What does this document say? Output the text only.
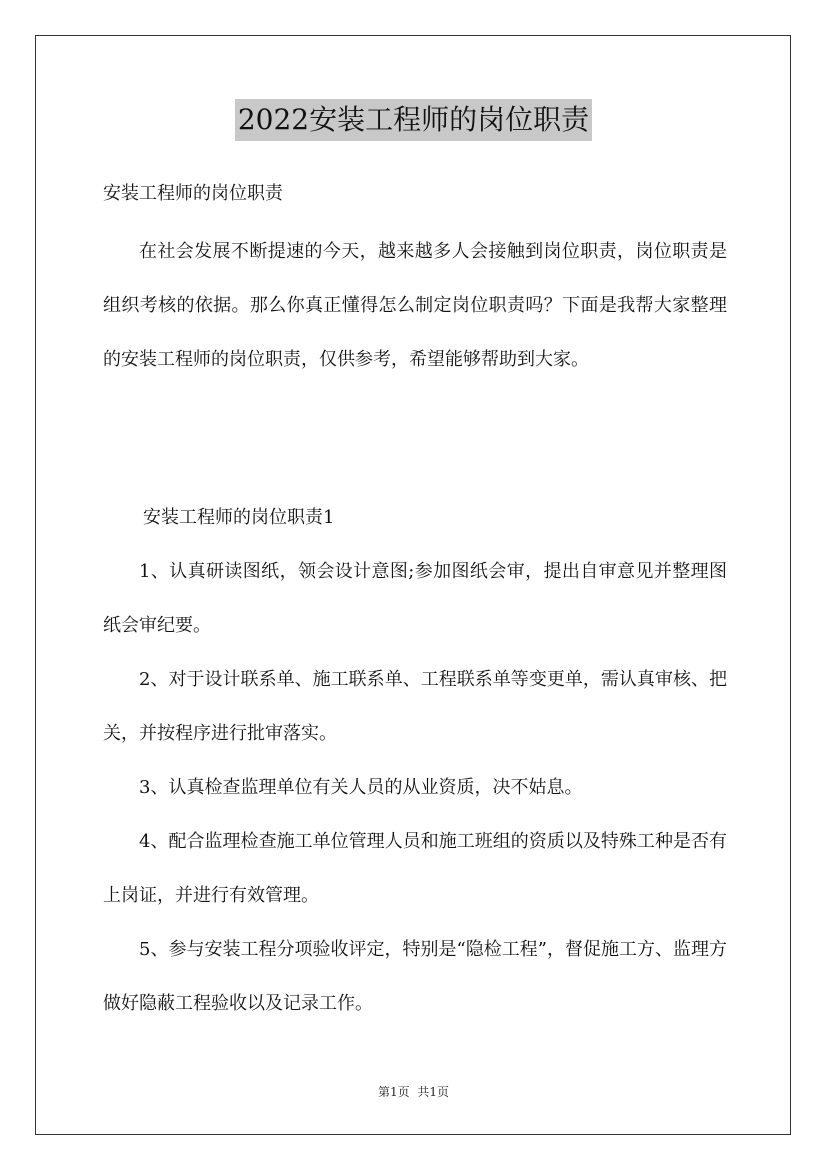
2022安装工程师的岗位职责
安装工程师的岗位职责

在社会发展不断提速的今天，越来越多人会接触到岗位职责，岗位职责是组织考核的依据。那么你真正懂得怎么制定岗位职责吗？下面是我帮大家整理的安装工程师的岗位职责，仅供参考，希望能够帮助到大家。

安装工程师的岗位职责1
1、认真研读图纸，领会设计意图;参加图纸会审，提出自审意见并整理图纸会审纪要。
2、对于设计联系单、施工联系单、工程联系单等变更单，需认真审核、把关，并按程序进行批审落实。
3、认真检查监理单位有关人员的从业资质，决不姑息。
4、配合监理检查施工单位管理人员和施工班组的资质以及特殊工种是否有上岗证，并进行有效管理。
5、参与安装工程分项验收评定，特别是“隐检工程”，督促施工方、监理方做好隐蔽工程验收以及记录工作。
第1页 共1页
